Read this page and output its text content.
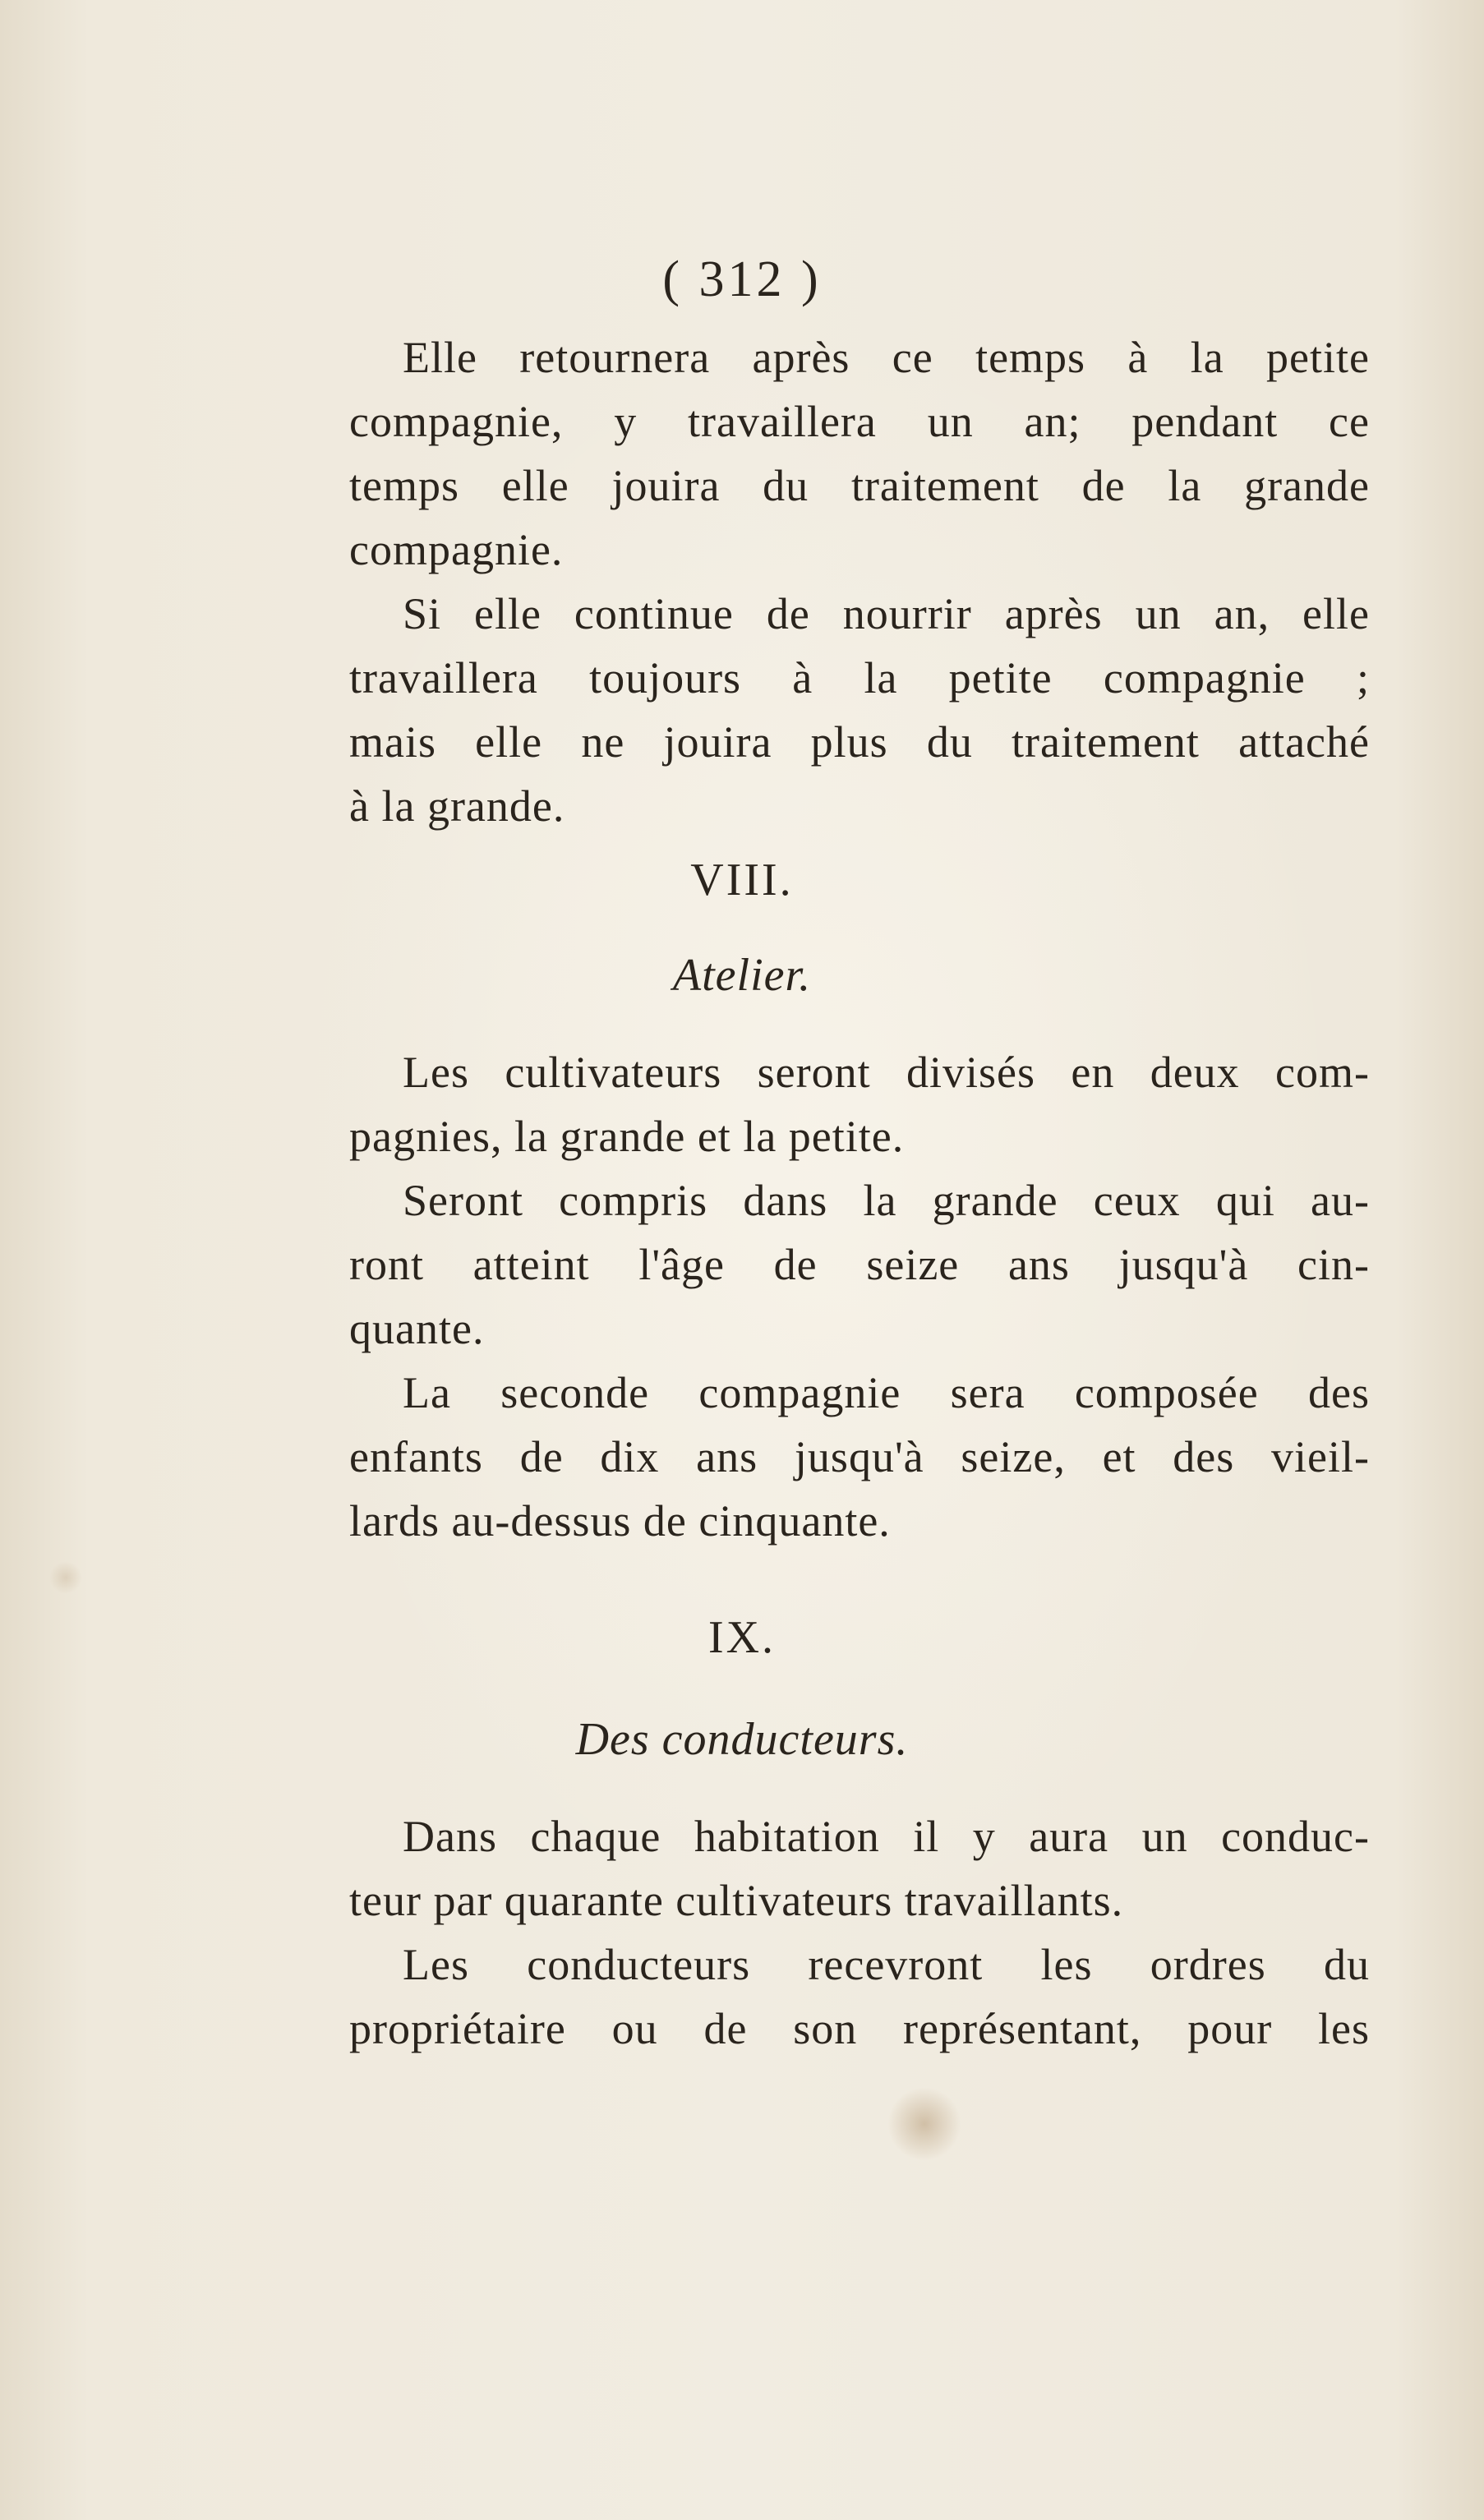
( 312 )
Elle retournera après ce temps à la petite
compagnie, y travaillera un an; pendant ce
temps elle jouira du traitement de la grande
compagnie.
Si elle continue de nourrir après un an, elle
travaillera toujours à la petite compagnie ;
mais elle ne jouira plus du traitement attaché
à la grande.
VIII.
Atelier.
Les cultivateurs seront divisés en deux com-
pagnies, la grande et la petite.
Seront compris dans la grande ceux qui au-
ront atteint l'âge de seize ans jusqu'à cin-
quante.
La seconde compagnie sera composée des
enfants de dix ans jusqu'à seize, et des vieil-
lards au-dessus de cinquante.
IX.
Des conducteurs.
Dans chaque habitation il y aura un conduc-
teur par quarante cultivateurs travaillants.
Les conducteurs recevront les ordres du
propriétaire ou de son représentant, pour les
